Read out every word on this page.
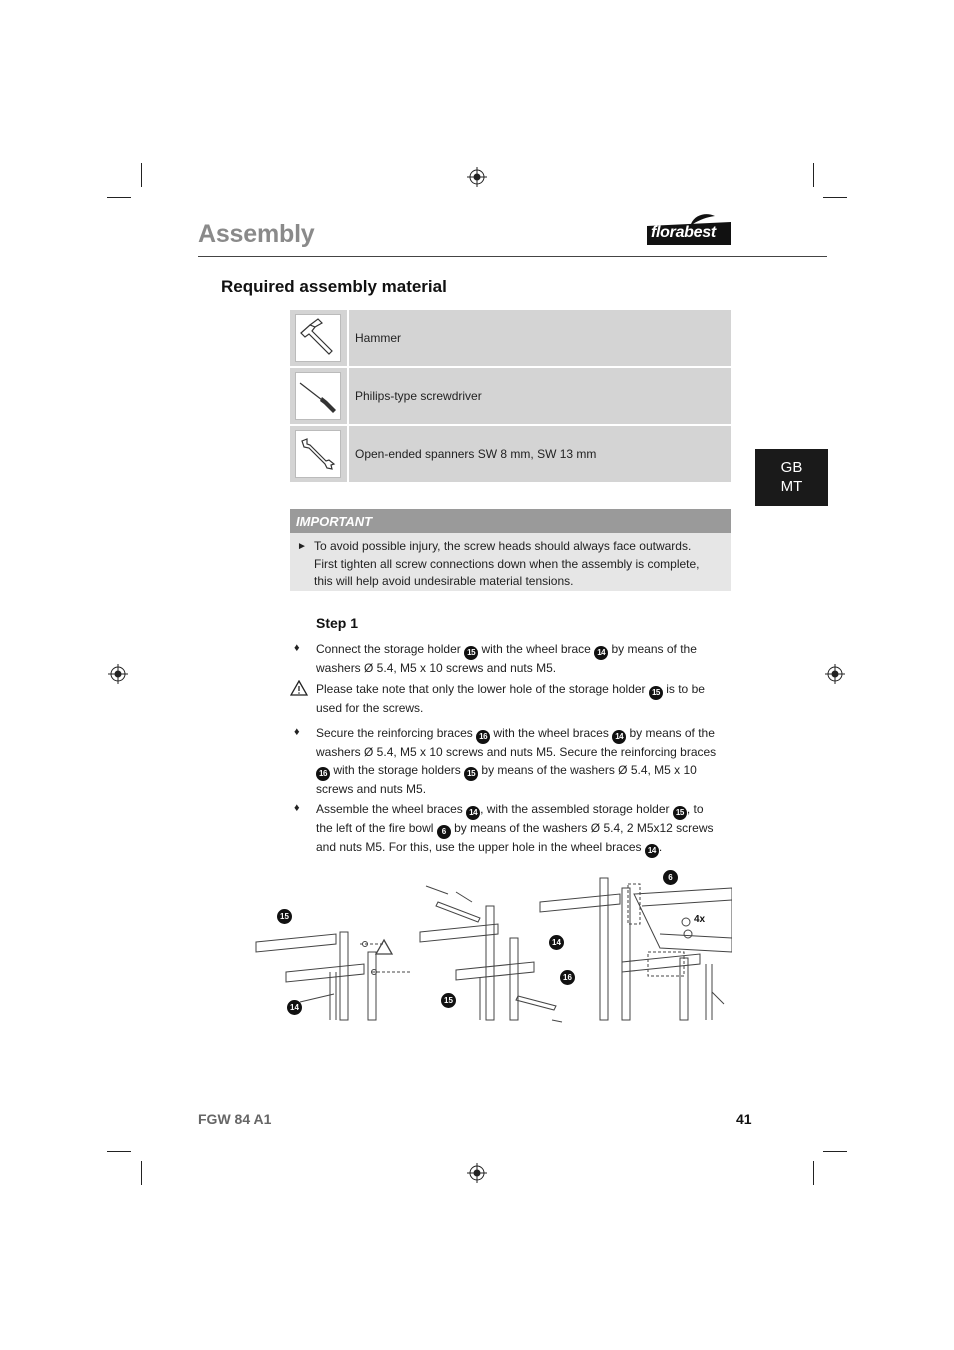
Assembly	florabest
Required assembly material
GB
MT
Hammer
Philips-type screwdriver
Open-ended spanners SW 8 mm, SW 13 mm
IMPORTANT
► To avoid possible injury, the screw heads should always face outwards. First tighten all screw connections down when the assembly is complete, this will help avoid undesirable material tensions.
Step 1
♦ Connect the storage holder 15 with the wheel brace 14 by means of the washers Ø 5.4, M5 x 10 screws and nuts M5.
Please take note that only the lower hole of the storage holder 15 is to be used for the screws.
♦ Secure the reinforcing braces 16 with the wheel braces 14 by means of the washers Ø 5.4, M5 x 10 screws and nuts M5. Secure the reinforcing braces 16 with the storage holders 15 by means of the washers Ø 5.4, M5 x 10 screws and nuts M5.
♦ Assemble the wheel braces 14 , with the assembled storage holder 15 , to the left of the fire bowl 6 by means of the washers Ø 5.4, 2 M5x12 screws and nuts M5. For this, use the upper hole in the wheel braces 14 .
15
14
14
16
15
6
4x
FGW 84 A1	41
